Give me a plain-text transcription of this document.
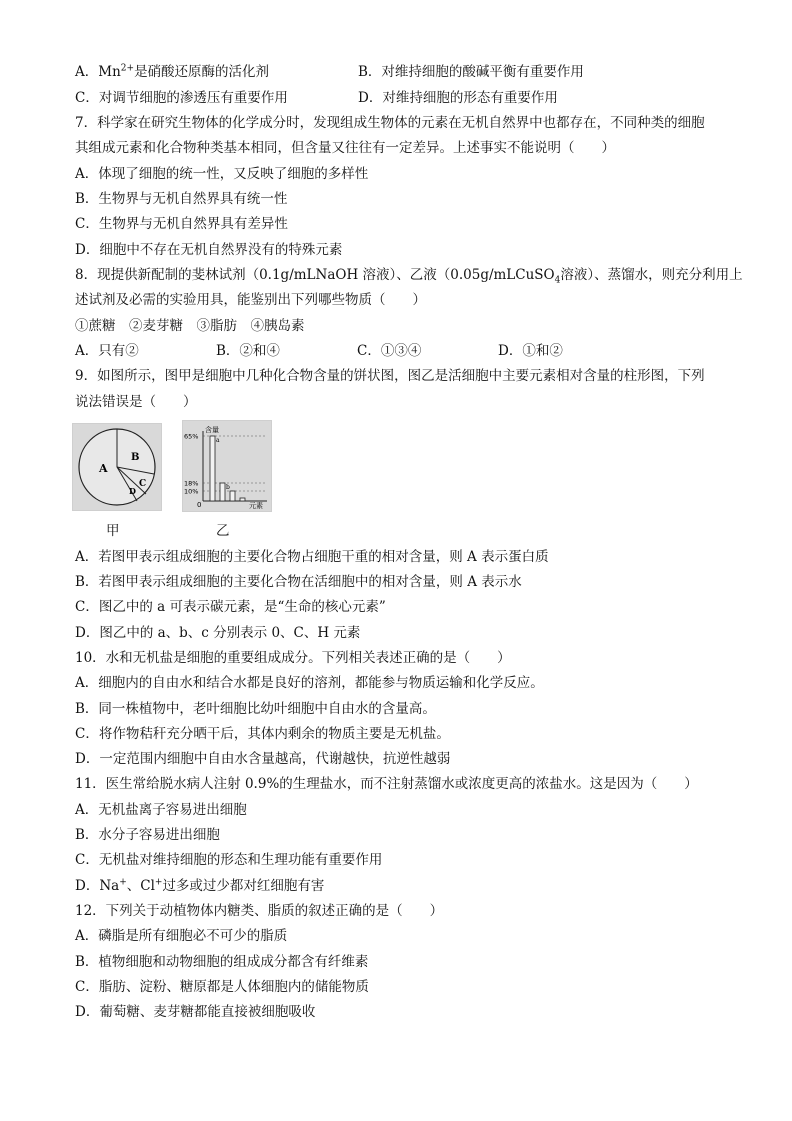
A．$Mn^{2+}$是硝酸还原酶的活化剂	B．对维持细胞的酸碱平衡有重要作用
C．对调节细胞的渗透压有重要作用	D．对维持细胞的形态有重要作用
7．科学家在研究生物体的化学成分时，发现组成生物体的元素在无机自然界中也都存在，不同种类的细胞
其组成元素和化合物种类基本相同，但含量又往往有一定差异。上述事实不能说明（　　）
A．体现了细胞的统一性，又反映了细胞的多样性
B．生物界与无机自然界具有统一性
C．生物界与无机自然界具有差异性
D．细胞中不存在无机自然界没有的特殊元素
8．现提供新配制的斐林试剂（0.1g/mLNaOH 溶液）、乙液（0.05g/mLCuSO$_4$溶液）、蒸馏水，则充分利用上
述试剂及必需的实验用具，能鉴别出下列哪些物质（　　）
①蔗糖　②麦芽糖　③脂肪　④胰岛素
A．只有②	B．②和④	C．①③④	D．①和②
9．如图所示，图甲是细胞中几种化合物含量的饼状图，图乙是活细胞中主要元素相对含量的柱形图，下列
说法错误是（　　）
A
B
C
D
甲
含量
元素
0
65%
18%
10%
a
b
乙
A．若图甲表示组成细胞的主要化合物占细胞干重的相对含量，则 A 表示蛋白质
B．若图甲表示组成细胞的主要化合物在活细胞中的相对含量，则 A 表示水
C．图乙中的 a 可表示碳元素，是“生命的核心元素”
D．图乙中的 a、b、c 分别表示 0、C、H 元素
10．水和无机盐是细胞的重要组成成分。下列相关表述正确的是（　　）
A．细胞内的自由水和结合水都是良好的溶剂，都能参与物质运输和化学反应。
B．同一株植物中，老叶细胞比幼叶细胞中自由水的含量高。
C．将作物秸秆充分晒干后，其体内剩余的物质主要是无机盐。
D．一定范围内细胞中自由水含量越高，代谢越快，抗逆性越弱
11．医生常给脱水病人注射 0.9%的生理盐水，而不注射蒸馏水或浓度更高的浓盐水。这是因为（　　）
A．无机盐离子容易进出细胞
B．水分子容易进出细胞
C．无机盐对维持细胞的形态和生理功能有重要作用
D．Na+、Cl+过多或过少都对红细胞有害
12．下列关于动植物体内糖类、脂质的叙述正确的是（　　）
A．磷脂是所有细胞必不可少的脂质
B．植物细胞和动物细胞的组成成分都含有纤维素
C．脂肪、淀粉、糖原都是人体细胞内的储能物质
D．葡萄糖、麦芽糖都能直接被细胞吸收
